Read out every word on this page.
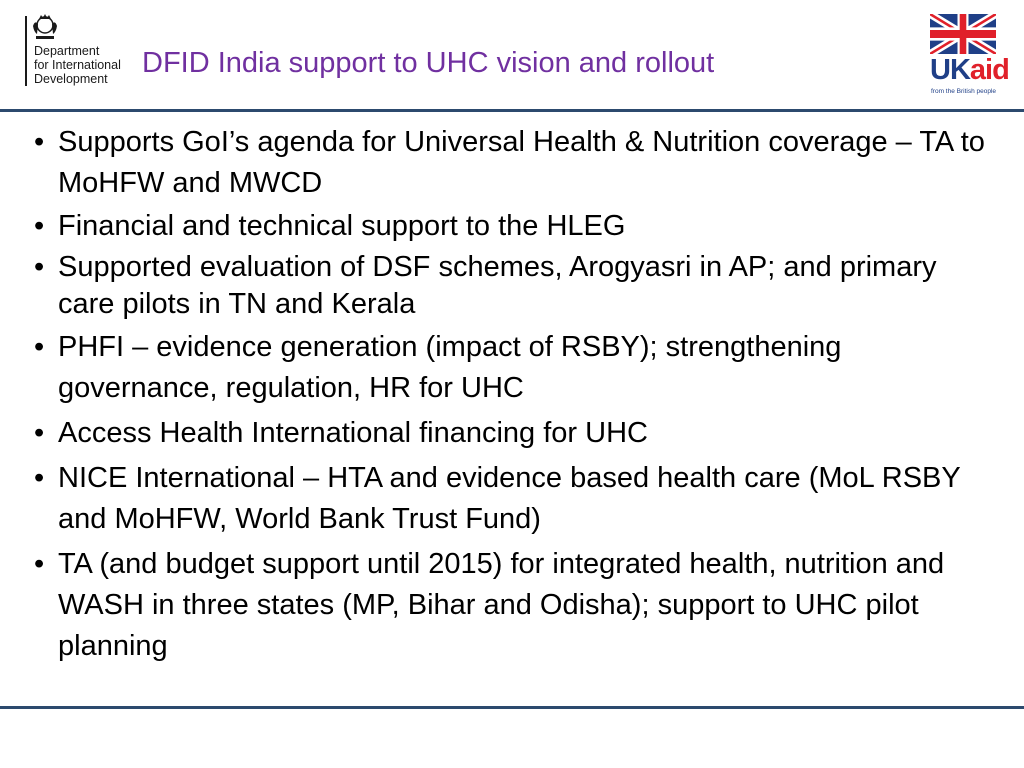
Department
for International
Development	DFID India support to UHC vision and rollout	UKaid
from the British people
• Supports GoI’s agenda for Universal Health & Nutrition coverage – TA to MoHFW and MWCD
• Financial and technical support to the HLEG
• Supported evaluation of DSF schemes, Arogyasri in AP; and primary care pilots in TN and Kerala
• PHFI – evidence generation (impact of RSBY); strengthening governance, regulation, HR for UHC
• Access Health International financing for UHC
• NICE International – HTA and evidence based health care (MoL RSBY and MoHFW, World Bank Trust Fund)
• TA (and budget support until 2015) for integrated health, nutrition and WASH in three states (MP, Bihar and Odisha); support to UHC pilot planning
